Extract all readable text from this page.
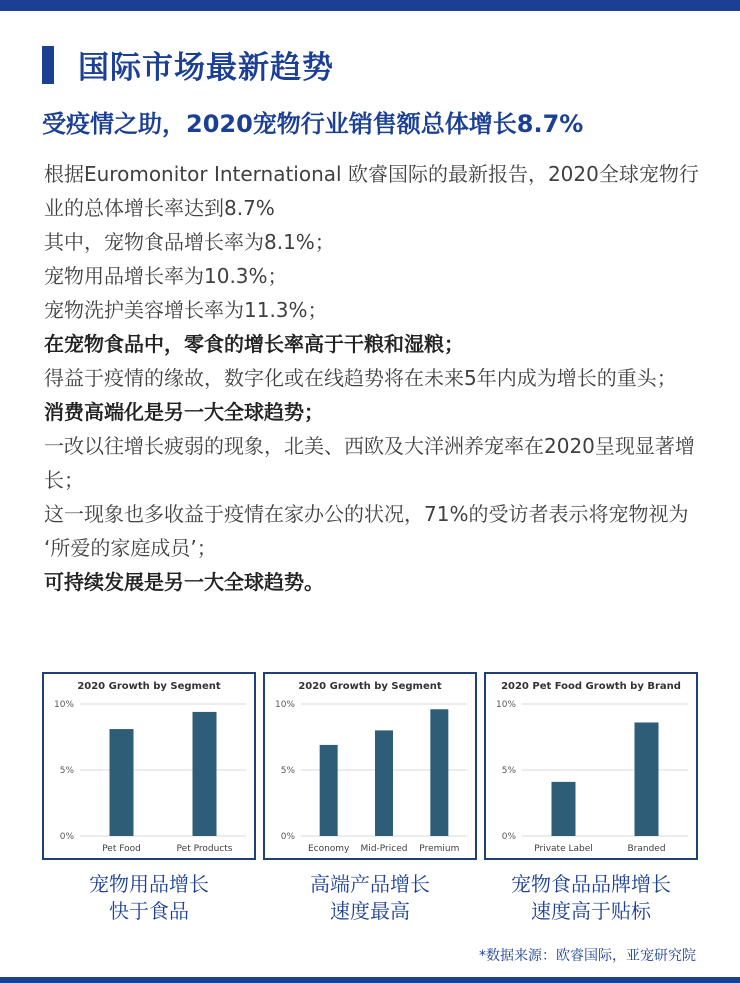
国际市场最新趋势
受疫情之助，2020宠物行业销售额总体增长8.7%

根据Euromonitor International 欧睿国际的最新报告，2020全球宠物行业的总体增长率达到8.7%

其中，宠物食品增长率为8.1%；

宠物用品增长率为10.3%；

宠物洗护美容增长率为11.3%；

在宠物食品中，零食的增长率高于干粮和湿粮；

得益于疫情的缘故，数字化或在线趋势将在未来5年内成为增长的重头；

消费高端化是另一大全球趋势；

一改以往增长疲弱的现象，北美、西欧及大洋洲养宠率在2020呈现显著增长；

这一现象也多收益于疫情在家办公的状况，71%的受访者表示将宠物视为 ‘所爱的家庭成员’；

可持续发展是另一大全球趋势。

2020 Growth by Segment
0%
5%
10%
Pet Food	Pet Products
2020 Growth by Segment
0%
5%
10%
Economy Mid-Priced Premium
2020 Pet Food Growth by Brand
0%
5%
10%
Private Label	Branded
宠物用品增长
快于食品
高端产品增长
速度最高
宠物食品品牌增长
速度高于贴标
*数据来源：欧睿国际，亚宠研究院
